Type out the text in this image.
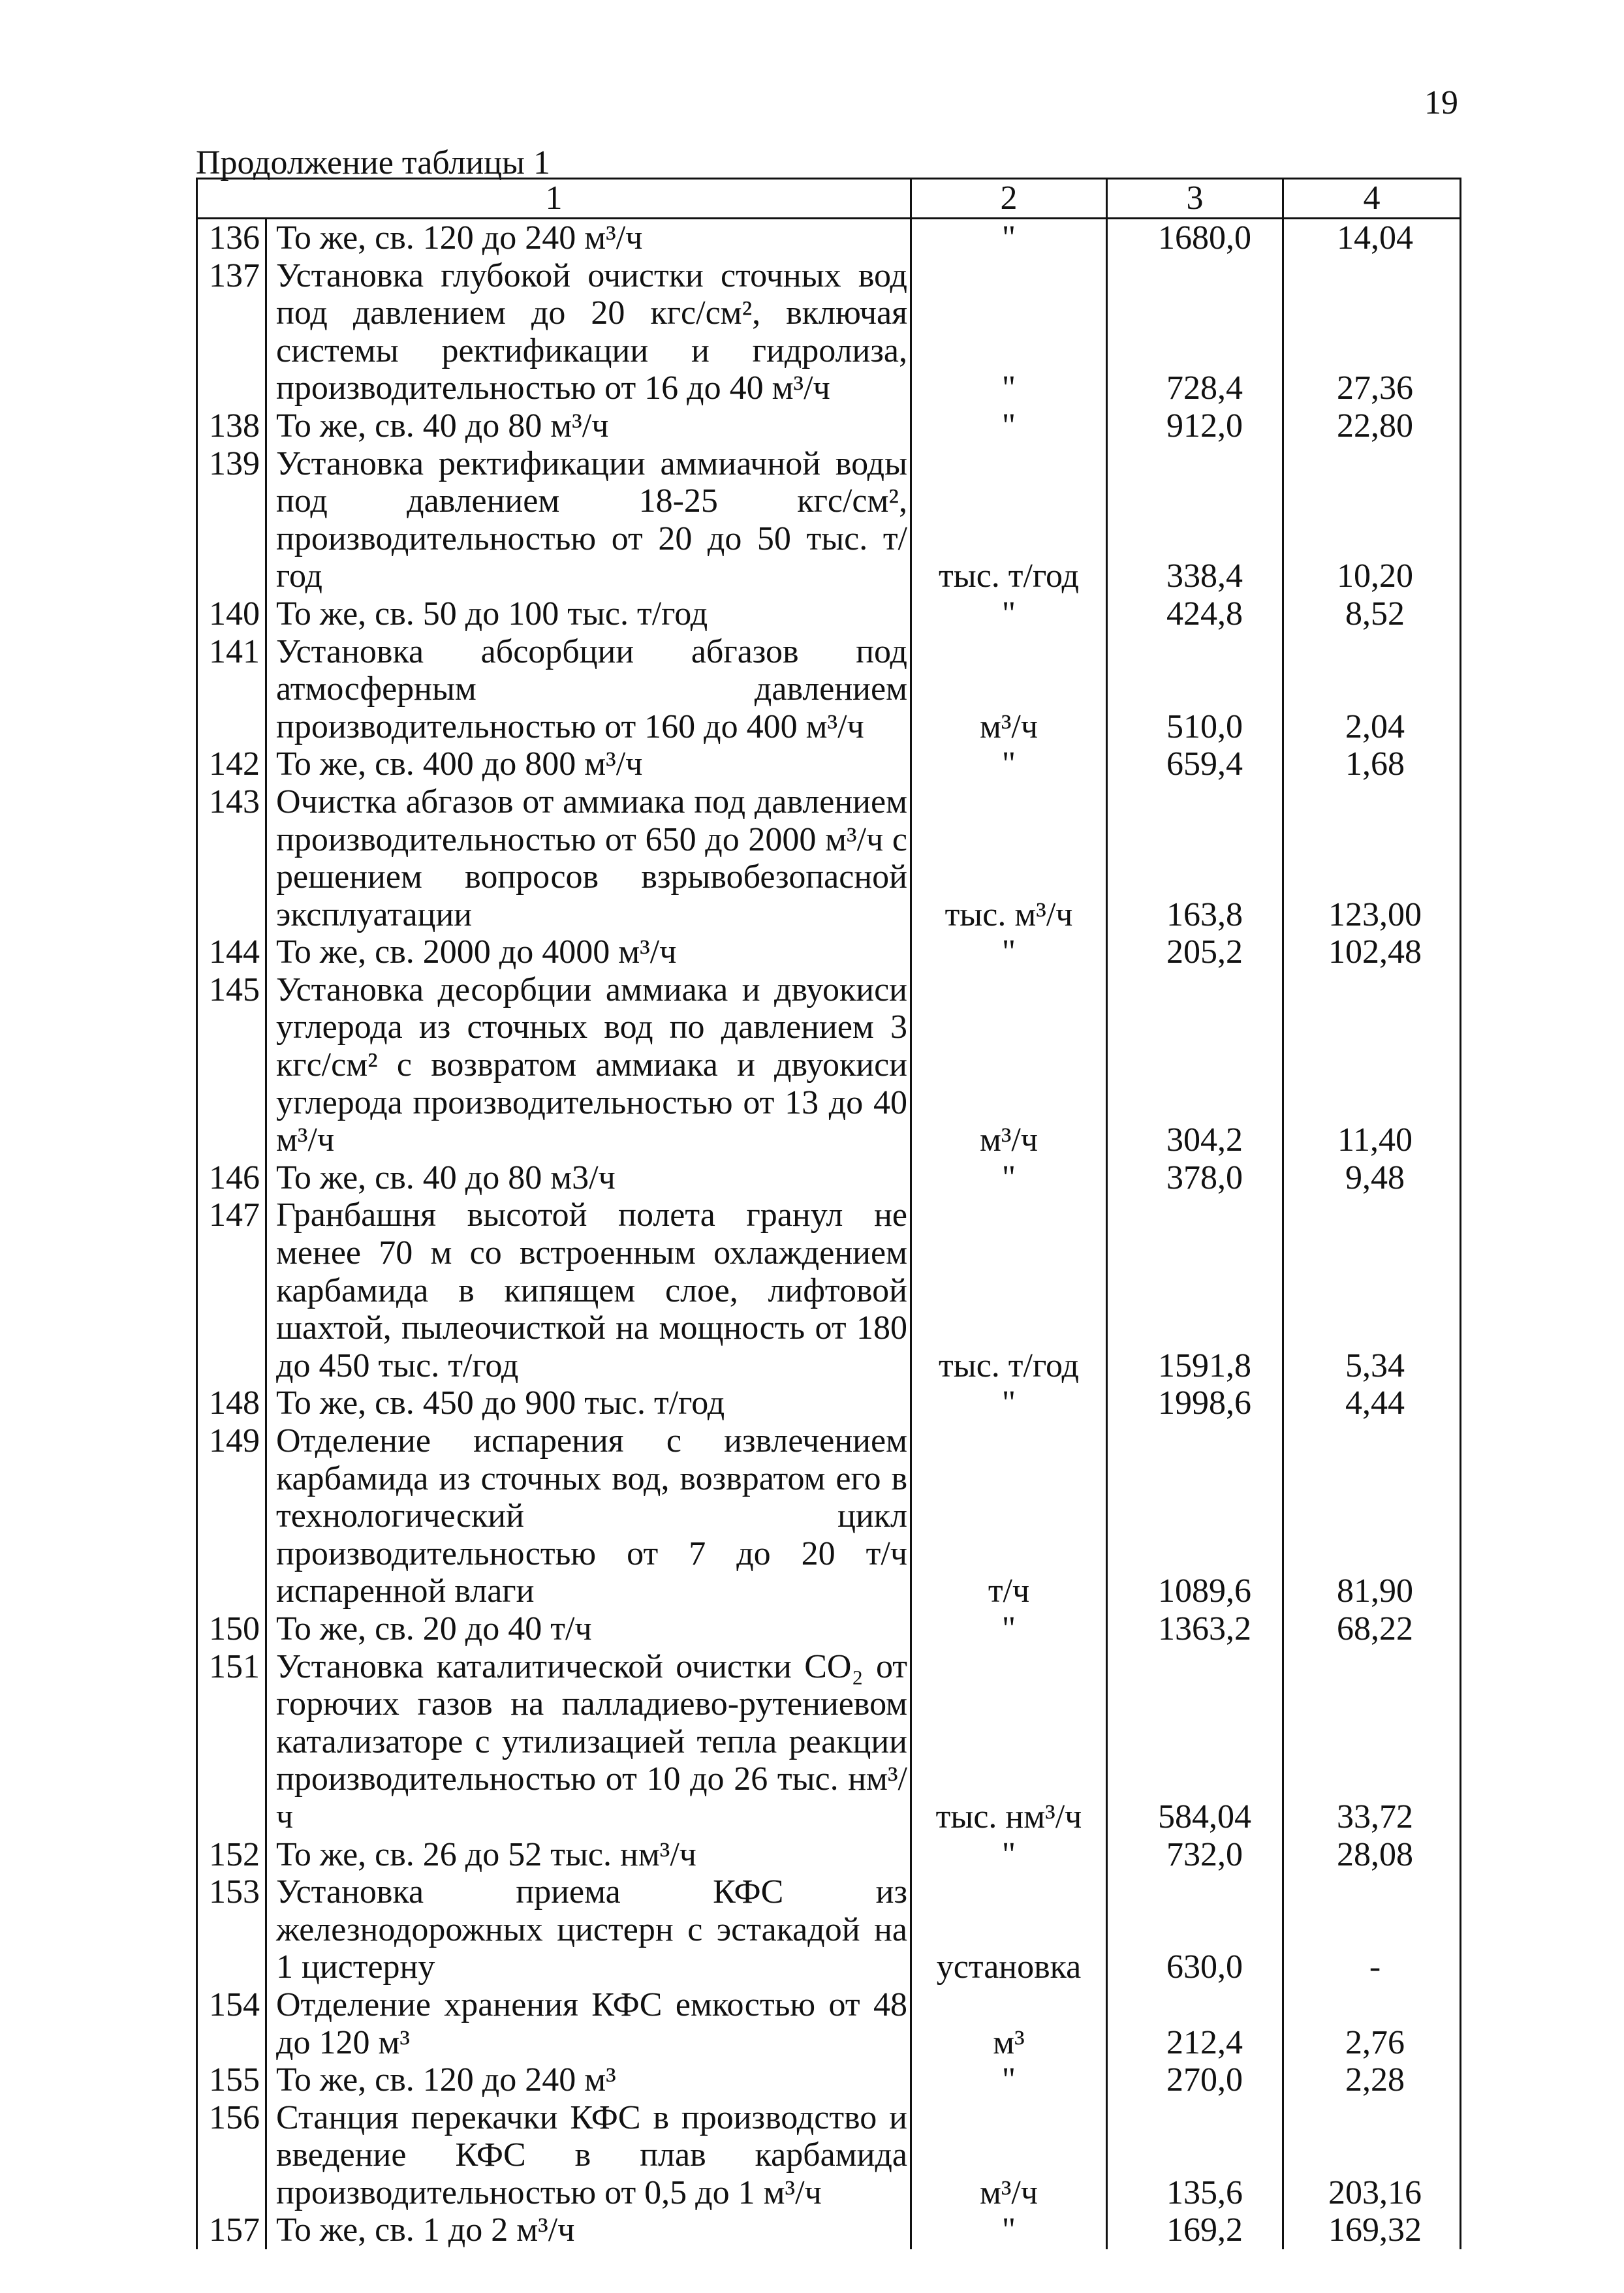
19
Продолжение таблицы 1
1		2	3	4
136	То же, св. 120 до 240 м³/ч	"	1680,0	14,04
137	Установка глубокой очистки сточных вод под давлением до 20 кгс/см², включая системы ректификации и гидролиза, производительностью от 16 до 40 м³/ч	"	728,4	27,36
138	То же, св. 40 до 80 м³/ч	"	912,0	22,80
139	Установка ректификации аммиачной воды под давлением 18-25 кгс/см², производительностью от 20 до 50 тыс. т/год	тыс. т/год	338,4	10,20
140	То же, св. 50 до 100 тыс. т/год	"	424,8	8,52
141	Установка абсорбции абгазов под атмосферным давлением производительностью от 160 до 400 м³/ч	м³/ч	510,0	2,04
142	То же, св. 400 до 800 м³/ч	"	659,4	1,68
143	Очистка абгазов от аммиака под давлением производительностью от 650 до 2000 м³/ч с решением вопросов взрывобезопасной эксплуатации	тыс. м³/ч	163,8	123,00
144	То же, св. 2000 до 4000 м³/ч	"	205,2	102,48
145	Установка десорбции аммиака и двуокиси углерода из сточных вод по давлением 3 кгс/см² с возвратом аммиака и двуокиси углерода производительностью от 13 до 40 м³/ч	м³/ч	304,2	11,40
146	То же, св. 40 до 80 м3/ч	"	378,0	9,48
147	Гранбашня высотой полета гранул не менее 70 м со встроенным охлаждением карбамида в кипящем слое, лифтовой шахтой, пылеочисткой на мощность от 180 до 450 тыс. т/год	тыс. т/год	1591,8	5,34
148	То же, св. 450 до 900 тыс. т/год	"	1998,6	4,44
149	Отделение испарения с извлечением карбамида из сточных вод, возвратом его в технологический цикл производительностью от 7 до 20 т/ч испаренной влаги	т/ч	1089,6	81,90
150	То же, св. 20 до 40 т/ч	"	1363,2	68,22
151	Установка каталитической очистки CO₂ от горючих газов на палладиево-рутениевом катализаторе с утилизацией тепла реакции производительностью от 10 до 26 тыс. нм³/ч	тыс. нм³/ч	584,04	33,72
152	То же, св. 26 до 52 тыс. нм³/ч	"	732,0	28,08
153	Установка приема КФС из железнодорожных цистерн с эстакадой на 1 цистерну	установка	630,0	-
154	Отделение хранения КФС емкостью от 48 до 120 м³	м³	212,4	2,76
155	То же, св. 120 до 240 м³	"	270,0	2,28
156	Станция перекачки КФС в производство и введение КФС в плав карбамида производительностью от 0,5 до 1 м³/ч	м³/ч	135,6	203,16
157	То же, св. 1 до 2 м³/ч	"	169,2	169,32
